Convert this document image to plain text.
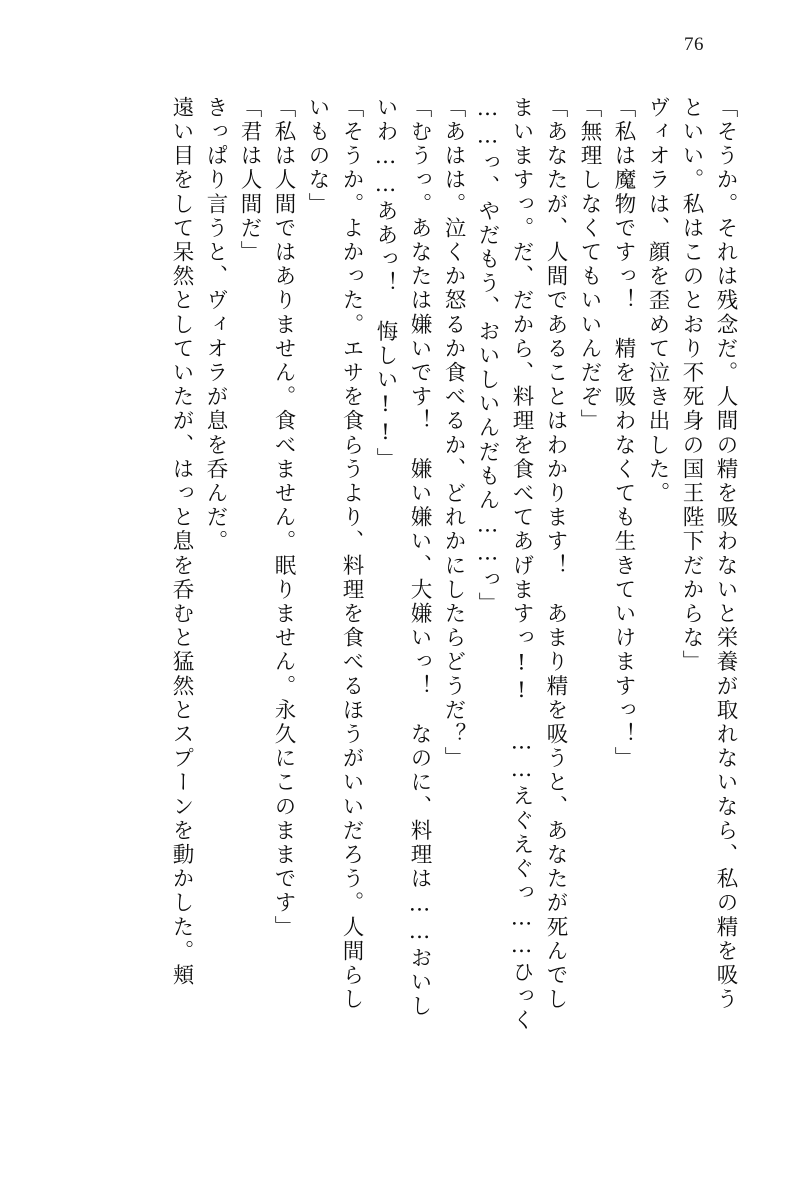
76
「そうか。それは残念だ。人間の精を吸わないと栄養が取れないなら、私の精を吸う
といい。私はこのとおり不死身の国王陛下だからな」
ヴィオラは、顔を歪めて泣き出した。
「私は魔物ですっ！　精を吸わなくても生きていけますっ！」
「無理しなくてもいいんだぞ」
「あなたが、人間であることはわかります！　あまり精を吸うと、あなたが死んでし
まいますっ。だ、だから、料理を食べてあげますっ!!　……えぐえぐっ……ひっく
……っ、やだもう、おいしいんだもん……っ」
「あはは。泣くか怒るか食べるか、どれかにしたらどうだ？」
「むうっ。あなたは嫌いです！　嫌い嫌い、大嫌いっ！　なのに、料理は……おいし
いわ……ああっ！　悔しい!!」
「そうか。よかった。エサを食らうより、料理を食べるほうがいいだろう。人間らし
いものな」
「私は人間ではありません。食べません。眠りません。永久にこのままです」
「君は人間だ」
きっぱり言うと、ヴィオラが息を呑んだ。
遠い目をして呆然としていたが、はっと息を呑むと猛然とスプーンを動かした。頬
